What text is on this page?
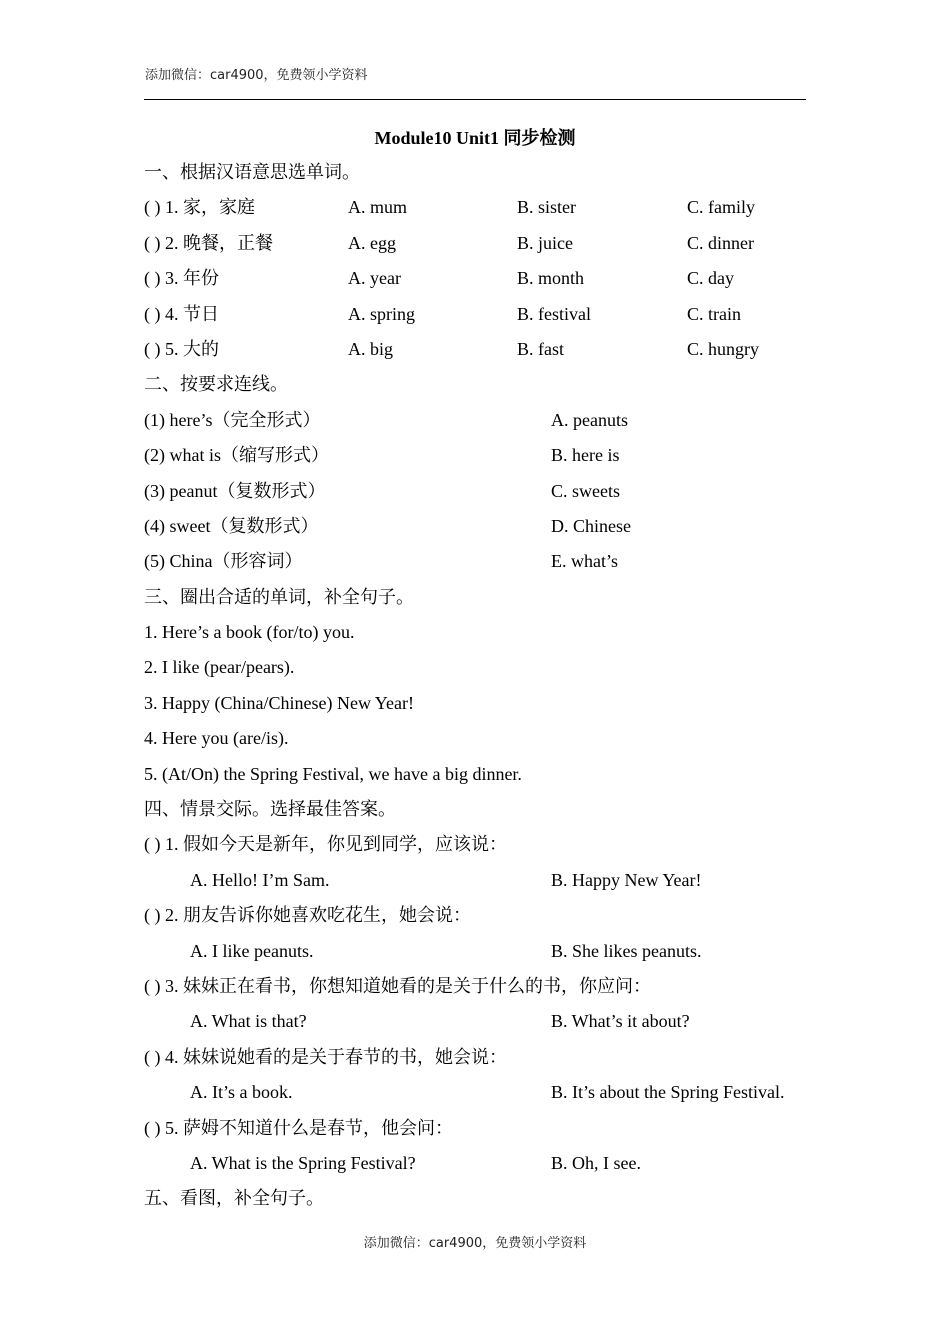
添加微信：car4900，免费领小学资料
Module10 Unit1 同步检测
一、根据汉语意思选单词。
( ) 1. 家，家庭	A. mum	B. sister	C. family
( ) 2. 晚餐，正餐	A. egg	B. juice	C. dinner
( ) 3. 年份	A. year	B. month	C. day
( ) 4. 节日	A. spring	B. festival	C. train
( ) 5. 大的	A. big	B. fast	C. hungry
二、按要求连线。
(1) here’s（完全形式）	A. peanuts
(2) what is（缩写形式）	B. here is
(3) peanut（复数形式）	C. sweets
(4) sweet（复数形式）	D. Chinese
(5) China（形容词）	E. what’s
三、圈出合适的单词，补全句子。
1. Here’s a book (for/to) you.
2. I like (pear/pears).
3. Happy (China/Chinese) New Year!
4. Here you (are/is).
5. (At/On) the Spring Festival, we have a big dinner.
四、情景交际。选择最佳答案。
( ) 1. 假如今天是新年，你见到同学，应该说：
A. Hello! I’m Sam.	B. Happy New Year!
( ) 2. 朋友告诉你她喜欢吃花生，她会说：
A. I like peanuts.	B. She likes peanuts.
( ) 3. 妹妹正在看书，你想知道她看的是关于什么的书，你应问：
A. What is that?	B. What’s it about?
( ) 4. 妹妹说她看的是关于春节的书，她会说：
A. It’s a book.	B. It’s about the Spring Festival.
( ) 5. 萨姆不知道什么是春节，他会问：
A. What is the Spring Festival?	B. Oh, I see.
五、看图，补全句子。
添加微信：car4900，免费领小学资料
